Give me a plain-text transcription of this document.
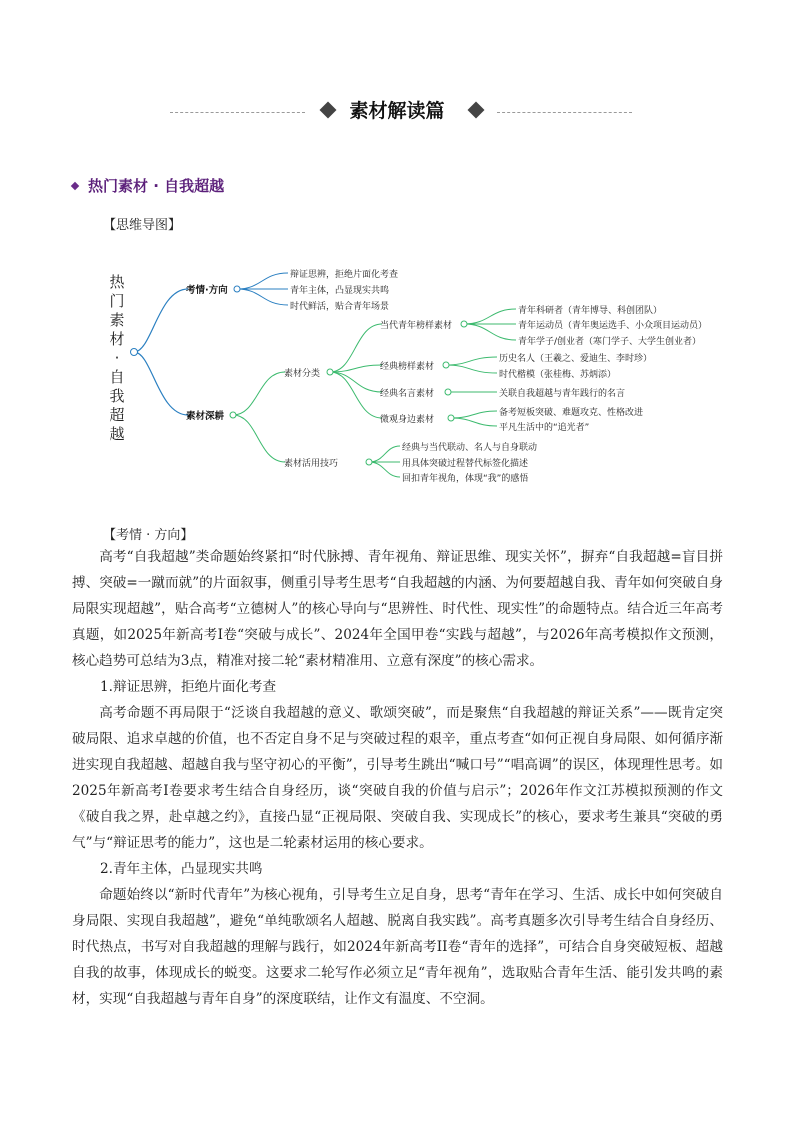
素材解读篇
热门素材 · 自我超越
【思维导图】
热
门
素
材
·
自
我
超
越
考情·方向
素材深耕
辩证思辨，拒绝片面化考查
青年主体，凸显现实共鸣
时代鲜活，贴合青年场景
素材分类
素材活用技巧
当代青年榜样素材
经典榜样素材
经典名言素材
微观身边素材
青年科研者（青年博导、科创团队）
青年运动员（青年奥运选手、小众项目运动员）
青年学子/创业者（寒门学子、大学生创业者）
历史名人（王羲之、爱迪生、李时珍）
时代楷模（张桂梅、苏炳添）
关联自我超越与青年践行的名言
备考短板突破、难题攻克、性格改进
平凡生活中的“追光者”
经典与当代联动、名人与自身联动
用具体突破过程替代标签化描述
回扣青年视角，体现“我”的感悟
【考情 · 方向】

高考“自我超越”类命题始终紧扣“时代脉搏、青年视角、辩证思维、现实关怀”，摒弃“自我超越=盲目拼搏、突破=一蹴而就”的片面叙事，侧重引导考生思考“自我超越的内涵、为何要超越自我、青年如何突破自身局限实现超越”，贴合高考“立德树人”的核心导向与“思辨性、时代性、现实性”的命题特点。结合近三年高考真题，如2025年新高考Ⅰ卷“突破与成长”、2024年全国甲卷“实践与超越”，与2026年高考模拟作文预测，核心趋势可总结为3点，精准对接二轮“素材精准用、立意有深度”的核心需求。

1.辩证思辨，拒绝片面化考查

高考命题不再局限于“泛谈自我超越的意义、歌颂突破”，而是聚焦“自我超越的辩证关系”——既肯定突破局限、追求卓越的价值，也不否定自身不足与突破过程的艰辛，重点考查“如何正视自身局限、如何循序渐进实现自我超越、超越自我与坚守初心的平衡”，引导考生跳出“喊口号”“唱高调”的误区，体现理性思考。如2025年新高考Ⅰ卷要求考生结合自身经历，谈“突破自我的价值与启示”；2026年作文江苏模拟预测的作文《破自我之界，赴卓越之约》，直接凸显“正视局限、突破自我、实现成长”的核心，要求考生兼具“突破的勇气”与“辩证思考的能力”，这也是二轮素材运用的核心要求。

2.青年主体，凸显现实共鸣

命题始终以“新时代青年”为核心视角，引导考生立足自身，思考“青年在学习、生活、成长中如何突破自身局限、实现自我超越”，避免“单纯歌颂名人超越、脱离自我实践”。高考真题多次引导考生结合自身经历、时代热点，书写对自我超越的理解与践行，如2024年新高考II卷“青年的选择”，可结合自身突破短板、超越自我的故事，体现成长的蜕变。这要求二轮写作必须立足“青年视角”，选取贴合青年生活、能引发共鸣的素材，实现“自我超越与青年自身”的深度联结，让作文有温度、不空洞。
